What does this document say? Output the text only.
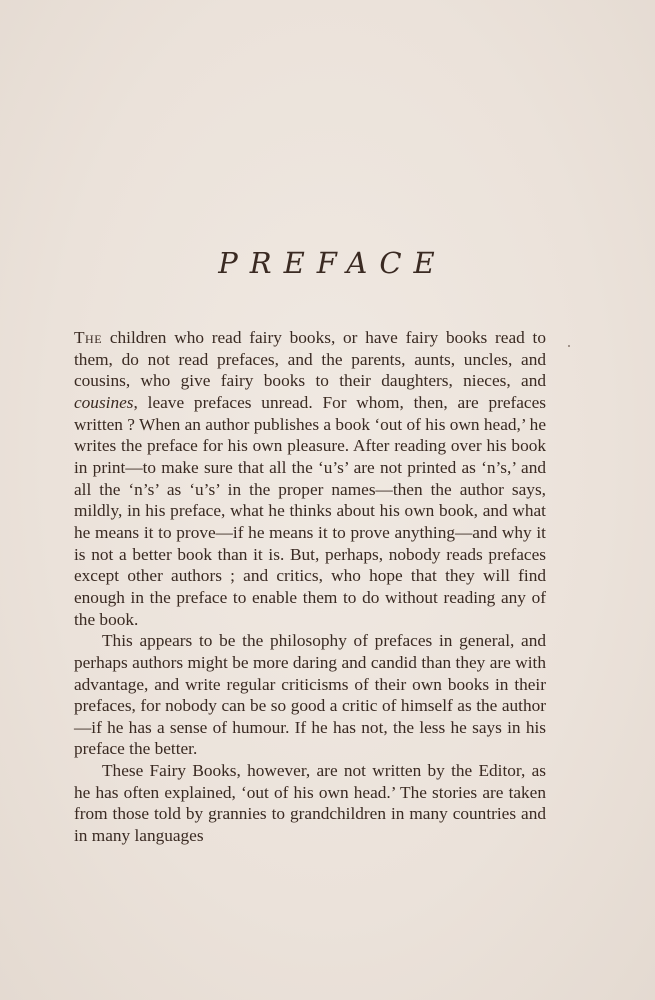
PREFACE

The children who read fairy books, or have fairy books read to them, do not read prefaces, and the parents, aunts, uncles, and cousins, who give fairy books to their daughters, nieces, and cousines, leave prefaces unread. For whom, then, are prefaces written ? When an author publishes a book ‘out of his own head,’ he writes the preface for his own pleasure. After reading over his book in print—to make sure that all the ‘u’s’ are not printed as ‘n’s,’ and all the ‘n’s’ as ‘u’s’ in the proper names—then the author says, mildly, in his preface, what he thinks about his own book, and what he means it to prove—if he means it to prove anything—and why it is not a better book than it is. But, perhaps, nobody reads prefaces except other authors ; and critics, who hope that they will find enough in the preface to enable them to do without reading any of the book.

This appears to be the philosophy of prefaces in general, and perhaps authors might be more daring and candid than they are with advantage, and write regular criticisms of their own books in their prefaces, for nobody can be so good a critic of himself as the author —if he has a sense of humour. If he has not, the less he says in his preface the better.

These Fairy Books, however, are not written by the Editor, as he has often explained, ‘out of his own head.’ The stories are taken from those told by grannies to grandchildren in many countries and in many languages
